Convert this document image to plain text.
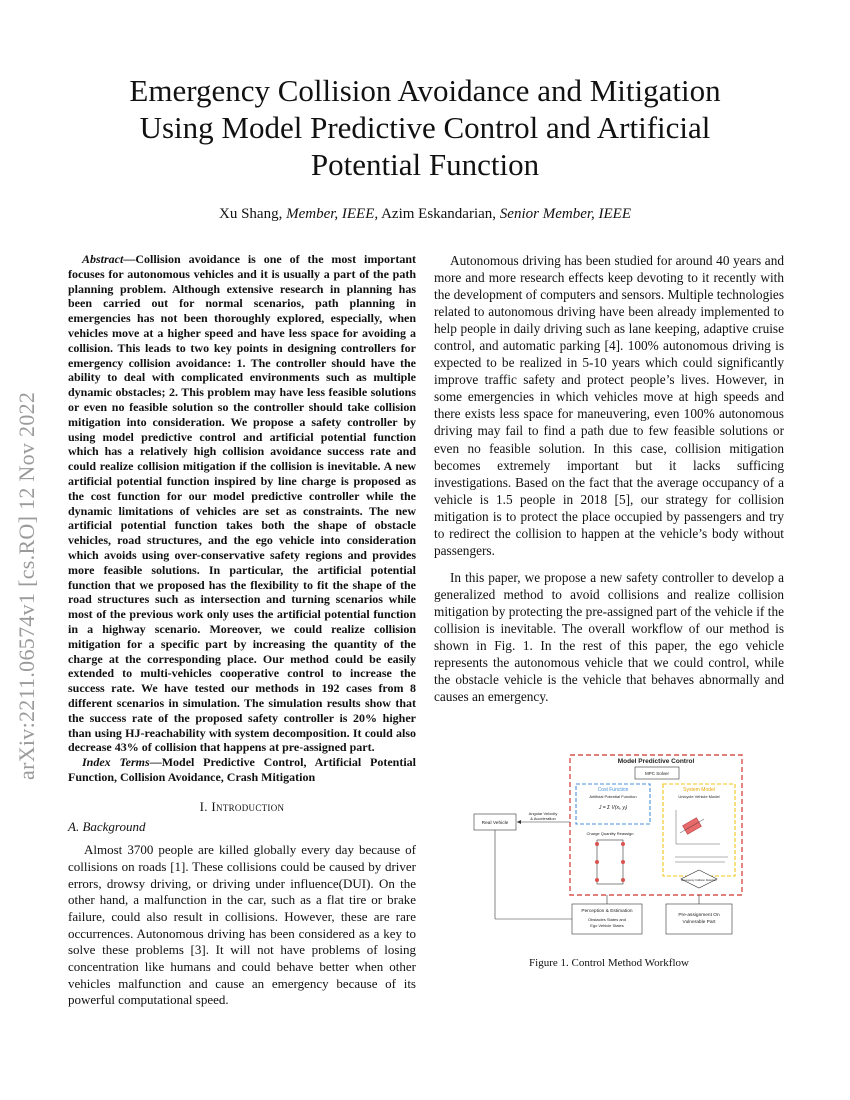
arXiv:2211.06574v1 [cs.RO] 12 Nov 2022
Emergency Collision Avoidance and Mitigation
Using Model Predictive Control and Artificial
Potential Function
Xu Shang, Member, IEEE, Azim Eskandarian, Senior Member, IEEE

Abstract—Collision avoidance is one of the most important focuses for autonomous vehicles and it is usually a part of the path planning problem. Although extensive research in planning has been carried out for normal scenarios, path planning in emergencies has not been thoroughly explored, especially, when vehicles move at a higher speed and have less space for avoiding a collision. This leads to two key points in designing controllers for emergency collision avoidance: 1. The controller should have the ability to deal with complicated environments such as multiple dynamic obstacles; 2. This problem may have less feasible solutions or even no feasible solution so the controller should take collision mitigation into consideration. We propose a safety controller by using model predictive control and artificial potential function which has a relatively high collision avoidance success rate and could realize collision mitigation if the collision is inevitable. A new artificial potential function inspired by line charge is proposed as the cost function for our model predictive controller while the dynamic limitations of vehicles are set as constraints. The new artificial potential function takes both the shape of obstacle vehicles, road structures, and the ego vehicle into consideration which avoids using over-conservative safety regions and provides more feasible solutions. In particular, the artificial potential function that we proposed has the flexibility to fit the shape of the road structures such as intersection and turning scenarios while most of the previous work only uses the artificial potential function in a highway scenario. Moreover, we could realize collision mitigation for a specific part by increasing the quantity of the charge at the corresponding place. Our method could be easily extended to multi-vehicles cooperative control to increase the success rate. We have tested our methods in 192 cases from 8 different scenarios in simulation. The simulation results show that the success rate of the proposed safety controller is 20% higher than using HJ-reachability with system decomposition. It could also decrease 43% of collision that happens at pre-assigned part.

Index Terms—Model Predictive Control, Artificial Potential Function, Collision Avoidance, Crash Mitigation

I. Introduction
A. Background

Almost 3700 people are killed globally every day because of collisions on roads [1]. These collisions could be caused by driver errors, drowsy driving, or driving under influence(DUI). On the other hand, a malfunction in the car, such as a flat tire or brake failure, could also result in collisions. However, these are rare occurrences. Autonomous driving has been considered as a key to solve these problems [3]. It will not have problems of losing concentration like humans and could behave better when other vehicles malfunction and cause an emergency because of its powerful computational speed.

Autonomous driving has been studied for around 40 years and more and more research effects keep devoting to it recently with the development of computers and sensors. Multiple technologies related to autonomous driving have been already implemented to help people in daily driving such as lane keeping, adaptive cruise control, and automatic parking [4]. 100% autonomous driving is expected to be realized in 5-10 years which could significantly improve traffic safety and protect people’s lives. However, in some emergencies in which vehicles move at high speeds and there exists less space for maneuvering, even 100% autonomous driving may fail to find a path due to few feasible solutions or even no feasible solution. In this case, collision mitigation becomes extremely important but it lacks sufficing investigations. Based on the fact that the average occupancy of a vehicle is 1.5 people in 2018 [5], our strategy for collision mitigation is to protect the place occupied by passengers and try to redirect the collision to happen at the vehicle’s body without passengers.

In this paper, we propose a new safety controller to develop a generalized method to avoid collisions and realize collision mitigation by protecting the pre-assigned part of the vehicle if the collision is inevitable. The overall workflow of our method is shown in Fig. 1. In the rest of this paper, the ego vehicle represents the autonomous vehicle that we could control, while the obstacle vehicle is the vehicle that behaves abnormally and causes an emergency.

Model Predictive Control
MPC Solver
Cost Function
Artificial Potential Function
J = Σ V(xᵢ, yᵢ)
System Model
Unicycle Vehicle Model
Charge Quantity Reassign
Emergency Collision Detection
Real Vehicle
Angular Velocity
& Acceleration
Perception & Estimation
Obstacles States and
Ego Vehicle States
Pre-assignment On
Vulnerable Part
Figure 1. Control Method Workflow
